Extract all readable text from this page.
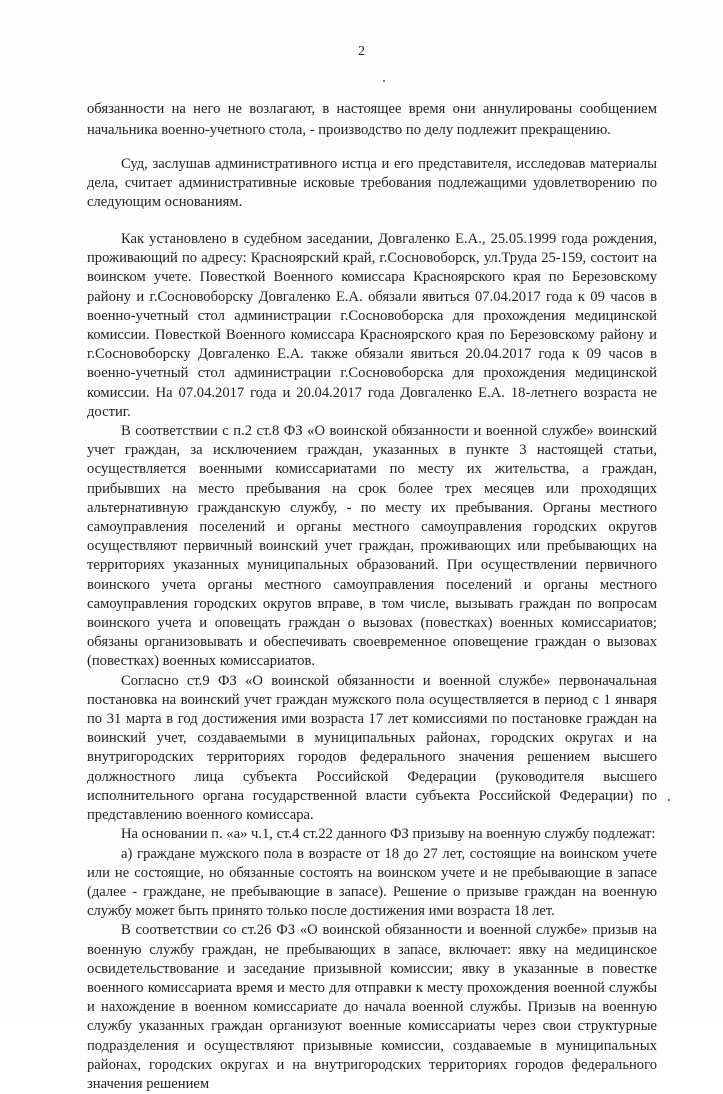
2

обязанности на него не возлагают, в настоящее время они аннулированы сообщением начальника военно-учетного стола, - производство по делу подлежит прекращению.

Суд, заслушав административного истца и его представителя, исследовав материалы дела, считает административные исковые требования подлежащими удовлетворению по следующим основаниям.

Как установлено в судебном заседании, Довгаленко Е.А., 25.05.1999 года рождения, проживающий по адресу: Красноярский край, г.Сосновоборск, ул.Труда 25-159, состоит на воинском учете. Повесткой Военного комиссара Красноярского края по Березовскому району и г.Сосновоборску Довгаленко Е.А. обязали явиться 07.04.2017 года к 09 часов в военно-учетный стол администрации г.Сосновоборска для прохождения медицинской комиссии. Повесткой Военного комиссара Красноярского края по Березовскому району и г.Сосновоборску Довгаленко Е.А. также обязали явиться 20.04.2017 года к 09 часов в военно-учетный стол администрации г.Сосновоборска для прохождения медицинской комиссии. На 07.04.2017 года и 20.04.2017 года Довгаленко Е.А. 18-летнего возраста не достиг.

В соответствии с п.2 ст.8 ФЗ «О воинской обязанности и военной службе» воинский учет граждан, за исключением граждан, указанных в пункте 3 настоящей статьи, осуществляется военными комиссариатами по месту их жительства, а граждан, прибывших на место пребывания на срок более трех месяцев или проходящих альтернативную гражданскую службу, - по месту их пребывания. Органы местного самоуправления поселений и органы местного самоуправления городских округов осуществляют первичный воинский учет граждан, проживающих или пребывающих на территориях указанных муниципальных образований. При осуществлении первичного воинского учета органы местного самоуправления поселений и органы местного самоуправления городских округов вправе, в том числе, вызывать граждан по вопросам воинского учета и оповещать граждан о вызовах (повестках) военных комиссариатов; обязаны организовывать и обеспечивать своевременное оповещение граждан о вызовах (повестках) военных комиссариатов.

Согласно ст.9 ФЗ «О воинской обязанности и военной службе» первоначальная постановка на воинский учет граждан мужского пола осуществляется в период с 1 января по 31 марта в год достижения ими возраста 17 лет комиссиями по постановке граждан на воинский учет, создаваемыми в муниципальных районах, городских округах и на внутригородских территориях городов федерального значения решением высшего должностного лица субъекта Российской Федерации (руководителя высшего исполнительного органа государственной власти субъекта Российской Федерации) по представлению военного комиссара.

На основании п. «а» ч.1, ст.4 ст.22 данного ФЗ призыву на военную службу подлежат:

а) граждане мужского пола в возрасте от 18 до 27 лет, состоящие на воинском учете или не состоящие, но обязанные состоять на воинском учете и не пребывающие в запасе (далее - граждане, не пребывающие в запасе). Решение о призыве граждан на военную службу может быть принято только после достижения ими возраста 18 лет.

В соответствии со ст.26 ФЗ «О воинской обязанности и военной службе» призыв на военную службу граждан, не пребывающих в запасе, включает: явку на медицинское освидетельствование и заседание призывной комиссии; явку в указанные в повестке военного комиссариата время и место для отправки к месту прохождения военной службы и нахождение в военном комиссариате до начала военной службы. Призыв на военную службу указанных граждан организуют военные комиссариаты через свои структурные подразделения и осуществляют призывные комиссии, создаваемые в муниципальных районах, городских округах и на внутригородских территориях городов федерального значения решением
